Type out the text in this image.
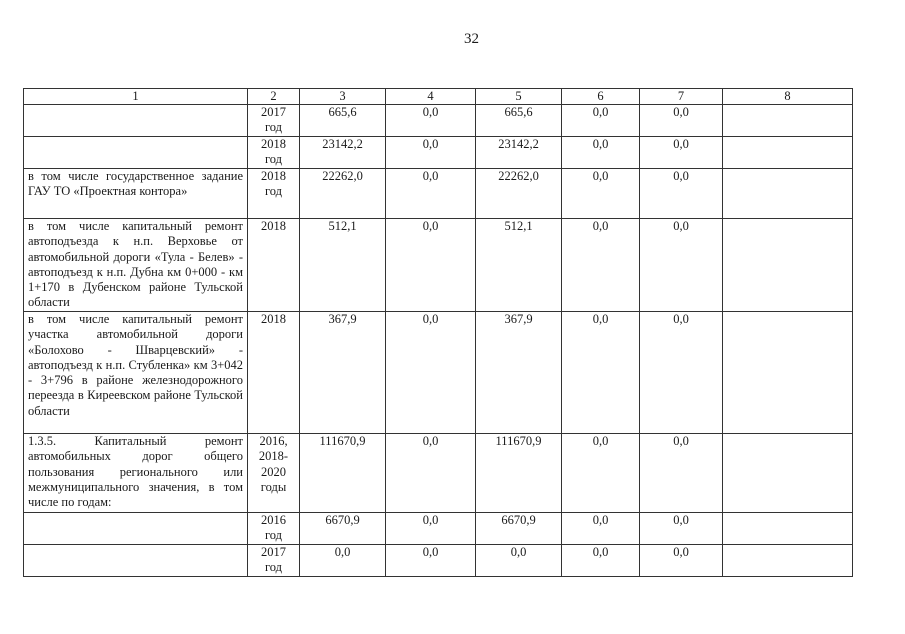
32
1	2	3	4	5	6	7	8
	2017 год	665,6	0,0	665,6	0,0	0,0	
	2018 год	23142,2	0,0	23142,2	0,0	0,0	
в том числе государственное задание ГАУ ТО «Проектная контора»	2018 год	22262,0	0,0	22262,0	0,0	0,0	
в том числе капитальный ремонт автоподъезда к н.п. Верховье от автомобильной дороги «Тула - Белев» - автоподъезд к н.п. Дубна км 0+000 - км 1+170 в Дубенском районе Тульской области	2018	512,1	0,0	512,1	0,0	0,0	
в том числе капитальный ремонт участка автомобильной дороги «Болохово - Шварцевский» - автоподъезд к н.п. Стубленка» км 3+042 - 3+796 в районе железнодорожного переезда в Киреевском районе Тульской области	2018	367,9	0,0	367,9	0,0	0,0	
1.3.5. Капитальный ремонт автомобильных дорог общего пользования регионального или межмуниципального значения, в том числе по годам:	2016, 2018-2020 годы	111670,9	0,0	111670,9	0,0	0,0	
	2016 год	6670,9	0,0	6670,9	0,0	0,0	
	2017 год	0,0	0,0	0,0	0,0	0,0	
